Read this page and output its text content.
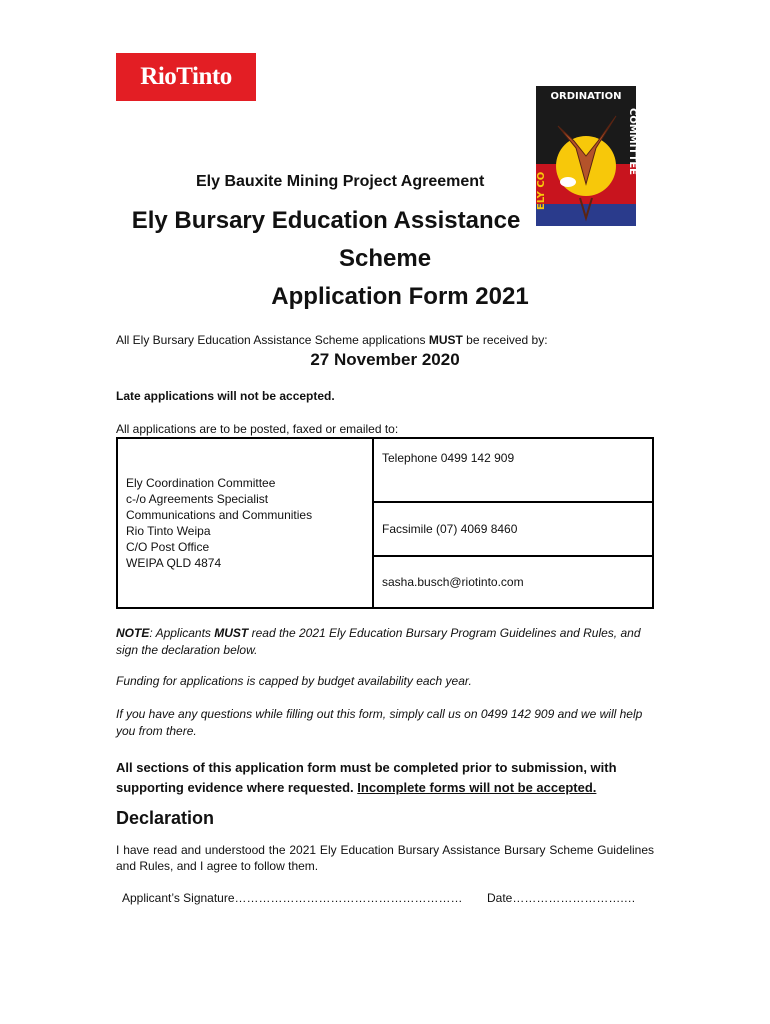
RioTinto
ORDINATION
COMMITTEE
ELY CO
Ely Bauxite Mining Project Agreement
Ely Bursary Education Assistance
Scheme
Application Form 2021
All Ely Bursary Education Assistance Scheme applications MUST be received by:
27 November 2020
Late applications will not be accepted.
All applications are to be posted, faxed or emailed to:
Ely Coordination Committee
c-/o Agreements Specialist
Communications and Communities
Rio Tinto Weipa
C/O Post Office
WEIPA QLD 4874
	Telephone 0499 142 909
Facsimile (07) 4069 8460
sasha.busch@riotinto.com
NOTE: Applicants MUST read the 2021 Ely Education Bursary Program Guidelines and Rules, and sign the declaration below.
Funding for applications is capped by budget availability each year.
If you have any questions while filling out this form, simply call us on 0499 142 909 and we will help you from there.
All sections of this application form must be completed prior to submission, with supporting evidence where requested. Incomplete forms will not be accepted.
Declaration
I have read and understood the 2021 Ely Education Bursary Assistance Bursary Scheme Guidelines and Rules, and I agree to follow them.
Applicant’s Signature………………………………………………… Date……………………….…
